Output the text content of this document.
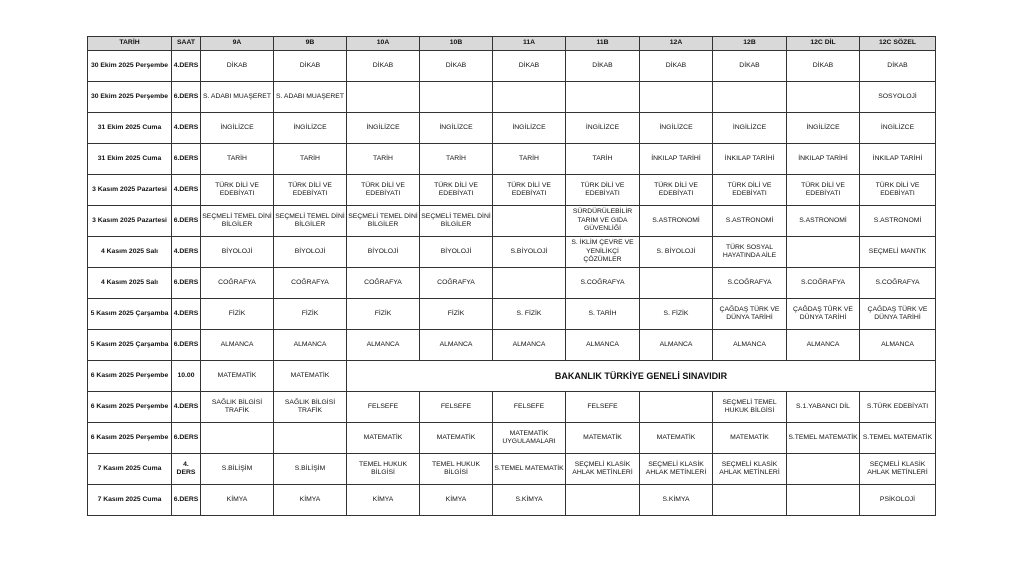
TARİH	SAAT	9A	9B	10A	10B	11A	11B	12A	12B	12C DİL	12C SÖZEL
30 Ekim 2025 Perşembe	4.DERS	DİKAB	DİKAB	DİKAB	DİKAB	DİKAB	DİKAB	DİKAB	DİKAB	DİKAB	DİKAB
30 Ekim 2025 Perşembe	6.DERS	S. ADABI MUAŞERET	S. ADABI MUAŞERET								SOSYOLOJİ
31 Ekim 2025 Cuma	4.DERS	İNGİLİZCE	İNGİLİZCE	İNGİLİZCE	İNGİLİZCE	İNGİLİZCE	İNGİLİZCE	İNGİLİZCE	İNGİLİZCE	İNGİLİZCE	İNGİLİZCE
31 Ekim 2025 Cuma	6.DERS	TARİH	TARİH	TARİH	TARİH	TARİH	TARİH	İNKILAP TARİHİ	İNKILAP TARİHİ	İNKILAP TARİHİ	İNKILAP TARİHİ
3 Kasım 2025 Pazartesi	4.DERS	TÜRK DİLİ VE EDEBİYATI	TÜRK DİLİ VE EDEBİYATI	TÜRK DİLİ VE EDEBİYATI	TÜRK DİLİ VE EDEBİYATI	TÜRK DİLİ VE EDEBİYATI	TÜRK DİLİ VE EDEBİYATI	TÜRK DİLİ VE EDEBİYATI	TÜRK DİLİ VE EDEBİYATI	TÜRK DİLİ VE EDEBİYATI	TÜRK DİLİ VE EDEBİYATI
3 Kasım 2025 Pazartesi	6.DERS	SEÇMELİ TEMEL DİNİ BİLGİLER	SEÇMELİ TEMEL DİNİ BİLGİLER	SEÇMELİ TEMEL DİNİ BİLGİLER	SEÇMELİ TEMEL DİNİ BİLGİLER		SÜRDÜRÜLEBİLİR TARIM VE GIDA GÜVENLİĞİ	S.ASTRONOMİ	S.ASTRONOMİ	S.ASTRONOMİ	S.ASTRONOMİ
4 Kasım 2025 Salı	4.DERS	BİYOLOJİ	BİYOLOJİ	BİYOLOJİ	BİYOLOJİ	S.BİYOLOJİ	S. İKLİM ÇEVRE VE YENİLİKÇİ ÇÖZÜMLER	S. BİYOLOJİ	TÜRK SOSYAL HAYATINDA AİLE		SEÇMELİ MANTIK
4 Kasım 2025 Salı	6.DERS	COĞRAFYA	COĞRAFYA	COĞRAFYA	COĞRAFYA		S.COĞRAFYA		S.COĞRAFYA	S.COĞRAFYA	S.COĞRAFYA
5 Kasım 2025 Çarşamba	4.DERS	FİZİK	FİZİK	FİZİK	FİZİK	S. FİZİK	S. TARİH	S. FİZİK	ÇAĞDAŞ TÜRK VE DÜNYA TARİHİ	ÇAĞDAŞ TÜRK VE DÜNYA TARİHİ	ÇAĞDAŞ TÜRK VE DÜNYA TARİHİ
5 Kasım 2025 Çarşamba	6.DERS	ALMANCA	ALMANCA	ALMANCA	ALMANCA	ALMANCA	ALMANCA	ALMANCA	ALMANCA	ALMANCA	ALMANCA
6 Kasım 2025 Perşembe	10.00	MATEMATİK	MATEMATİK	BAKANLIK TÜRKİYE GENELİ SINAVIDIR							
6 Kasım 2025 Perşembe	4.DERS	SAĞLIK BİLGİSİ TRAFİK	SAĞLIK BİLGİSİ TRAFİK	FELSEFE	FELSEFE	FELSEFE	FELSEFE		SEÇMELİ TEMEL HUKUK BİLGİSİ	S.1.YABANCI DİL	S.TÜRK EDEBİYATI
6 Kasım 2025 Perşembe	6.DERS			MATEMATİK	MATEMATİK	MATEMATİK UYGULAMALARI	MATEMATİK	MATEMATİK	MATEMATİK	S.TEMEL MATEMATİK	S.TEMEL MATEMATİK
7 Kasım 2025 Cuma	4. DERS	S.BİLİŞİM	S.BİLİŞİM	TEMEL HUKUK BİLGİSİ	TEMEL HUKUK BİLGİSİ	S.TEMEL MATEMATİK	SEÇMELİ KLASİK AHLAK METİNLERİ	SEÇMELİ KLASİK AHLAK METİNLERİ	SEÇMELİ KLASİK AHLAK METİNLERİ		SEÇMELİ KLASİK AHLAK METİNLERİ
7 Kasım 2025 Cuma	6.DERS	KİMYA	KİMYA	KİMYA	KİMYA	S.KİMYA		S.KİMYA			PSİKOLOJİ
